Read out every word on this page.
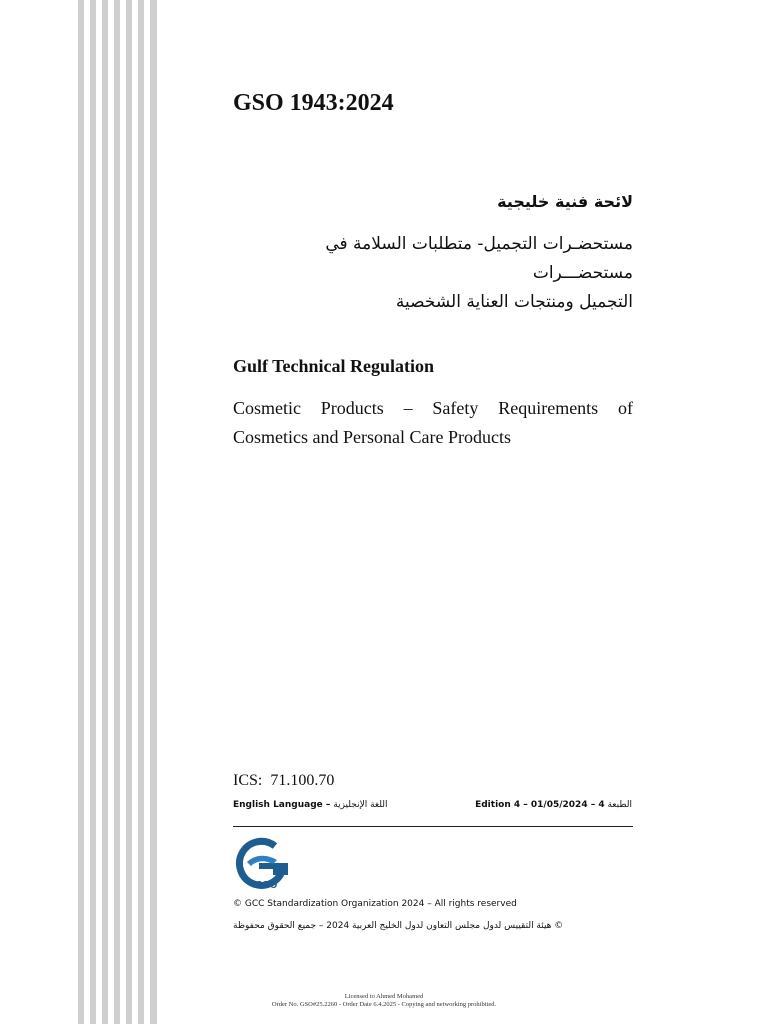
GSO 1943:2024
لائحة فنية خليجية
مستحضـرات التجميل- متطلبات السلامة في مستحضـــرات
التجميل ومنتجات العناية الشخصية
Gulf Technical Regulation
Cosmetic Products – Safety Requirements of Cosmetics and Personal Care Products
ICS: 71.100.70
English Language – اللغة الإنجليزية	Edition 4 – 01/05/2024 – 4 الطبعة
GSO
© GCC Standardization Organization 2024 – All rights reserved
© هيئة التقييس لدول مجلس التعاون لدول الخليج العربية 2024 – جميع الحقوق محفوظة
Licensed to Ahmed Mohamed
Order No. GSO#25.2260 - Order Date 6.4.2025 - Copying and networking prohibited.
